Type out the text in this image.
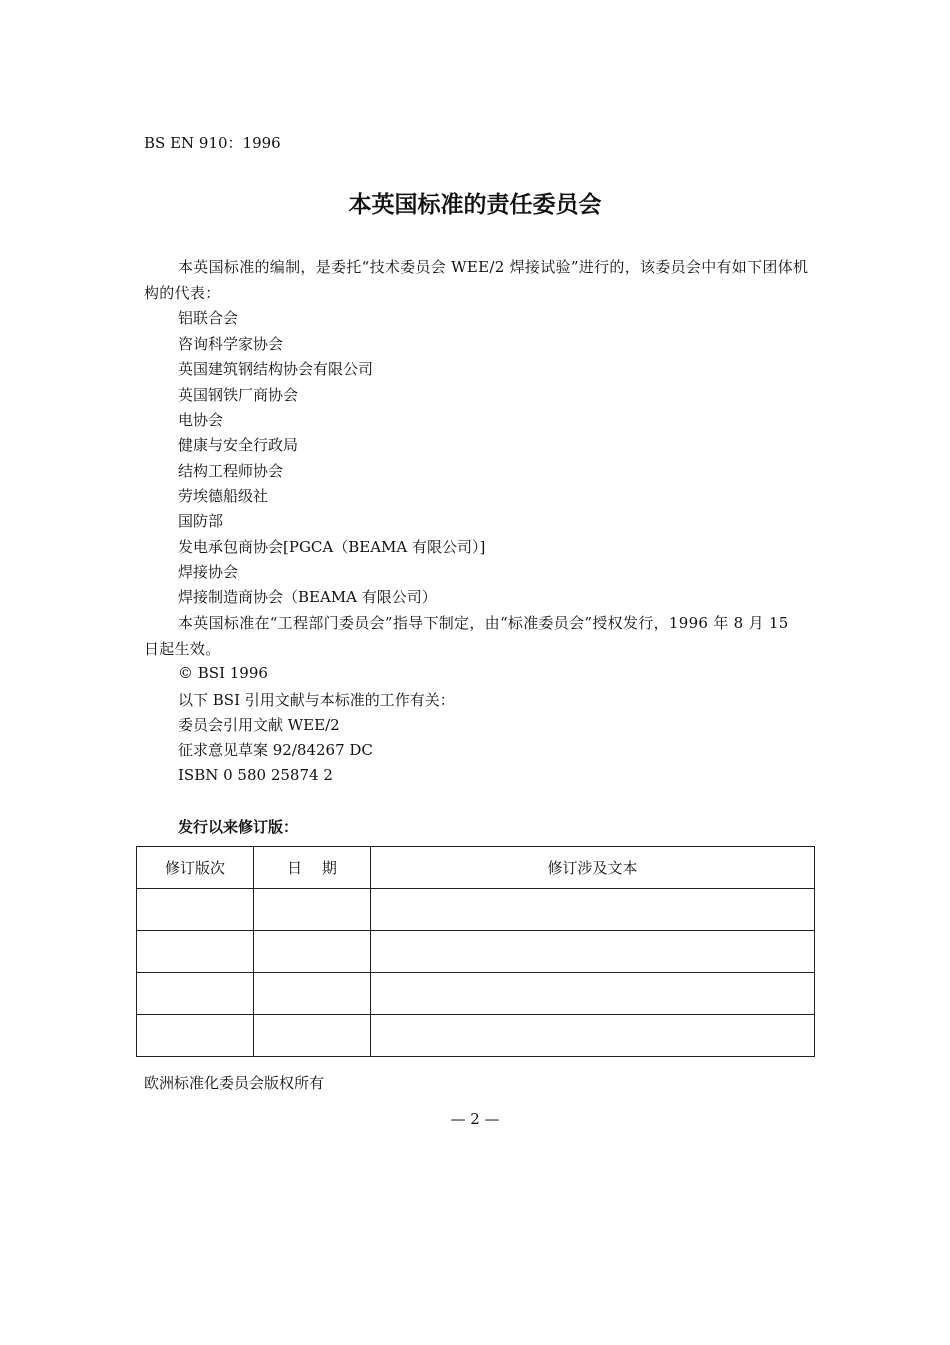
BS EN 910：1996
本英国标准的责任委员会
本英国标准的编制，是委托“技术委员会 WEE/2 焊接试验”进行的，该委员会中有如下团体机构的代表：
铝联合会
咨询科学家协会
英国建筑钢结构协会有限公司
英国钢铁厂商协会
电协会
健康与安全行政局
结构工程师协会
劳埃德船级社
国防部
发电承包商协会[PGCA（BEAMA 有限公司）]
焊接协会
焊接制造商协会（BEAMA 有限公司）
本英国标准在“工程部门委员会”指导下制定，由“标准委员会”授权发行，1996 年 8 月 15 日起生效。
© BSI 1996
以下 BSI 引用文献与本标准的工作有关：
委员会引用文献 WEE/2
征求意见草案 92/84267 DC
ISBN 0 580 25874 2
发行以来修订版：
修订版次	日　 期	修订涉及文本

欧洲标准化委员会版权所有
— 2 —
